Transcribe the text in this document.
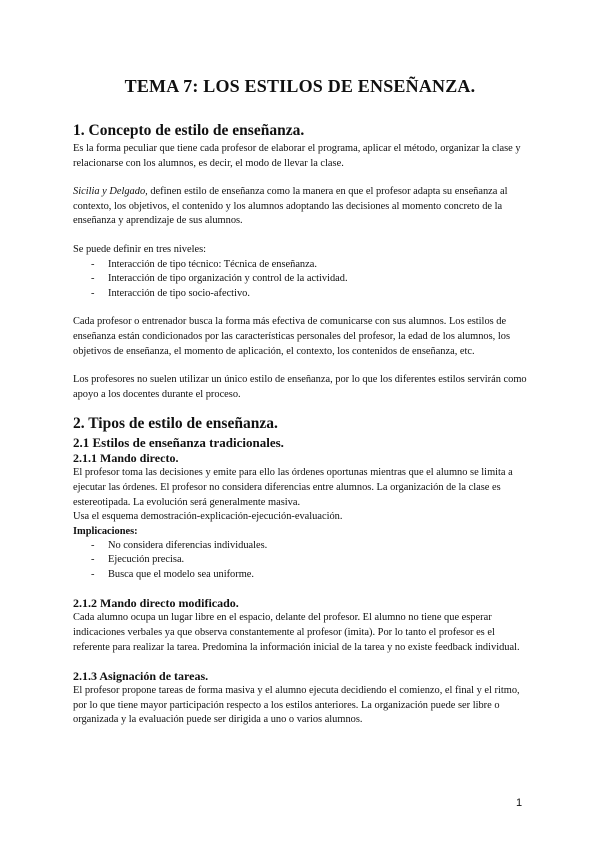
TEMA 7: LOS ESTILOS DE ENSEÑANZA.
1. Concepto de estilo de enseñanza.

Es la forma peculiar que tiene cada profesor de elaborar el programa, aplicar el método, organizar la clase y relacionarse con los alumnos, es decir, el modo de llevar la clase.

Sicilia y Delgado, definen estilo de enseñanza como la manera en que el profesor adapta su enseñanza al contexto, los objetivos, el contenido y los alumnos adoptando las decisiones al momento concreto de la enseñanza y aprendizaje de sus alumnos.

Se puede definir en tres niveles:

- Interacción de tipo técnico: Técnica de enseñanza.
- Interacción de tipo organización y control de la actividad.
- Interacción de tipo socio-afectivo.

Cada profesor o entrenador busca la forma más efectiva de comunicarse con sus alumnos. Los estilos de enseñanza están condicionados por las características personales del profesor, la edad de los alumnos, los objetivos de enseñanza, el momento de aplicación, el contexto, los contenidos de enseñanza, etc.

Los profesores no suelen utilizar un único estilo de enseñanza, por lo que los diferentes estilos servirán como apoyo a los docentes durante el proceso.

2. Tipos de estilo de enseñanza.
2.1 Estilos de enseñanza tradicionales.
2.1.1 Mando directo.

El profesor toma las decisiones y emite para ello las órdenes oportunas mientras que el alumno se limita a ejecutar las órdenes. El profesor no considera diferencias entre alumnos. La organización de la clase es estereotipada. La evolución será generalmente masiva.

Usa el esquema demostración-explicación-ejecución-evaluación.

Implicaciones:
- No considera diferencias individuales.
- Ejecución precisa.
- Busca que el modelo sea uniforme.
2.1.2 Mando directo modificado.

Cada alumno ocupa un lugar libre en el espacio, delante del profesor. El alumno no tiene que esperar indicaciones verbales ya que observa constantemente al profesor (imita). Por lo tanto el profesor es el referente para realizar la tarea. Predomina la información inicial de la tarea y no existe feedback individual.

2.1.3 Asignación de tareas.

El profesor propone tareas de forma masiva y el alumno ejecuta decidiendo el comienzo, el final y el ritmo, por lo que tiene mayor participación respecto a los estilos anteriores. La organización puede ser libre o organizada y la evaluación puede ser dirigida a uno o varios alumnos.

1
